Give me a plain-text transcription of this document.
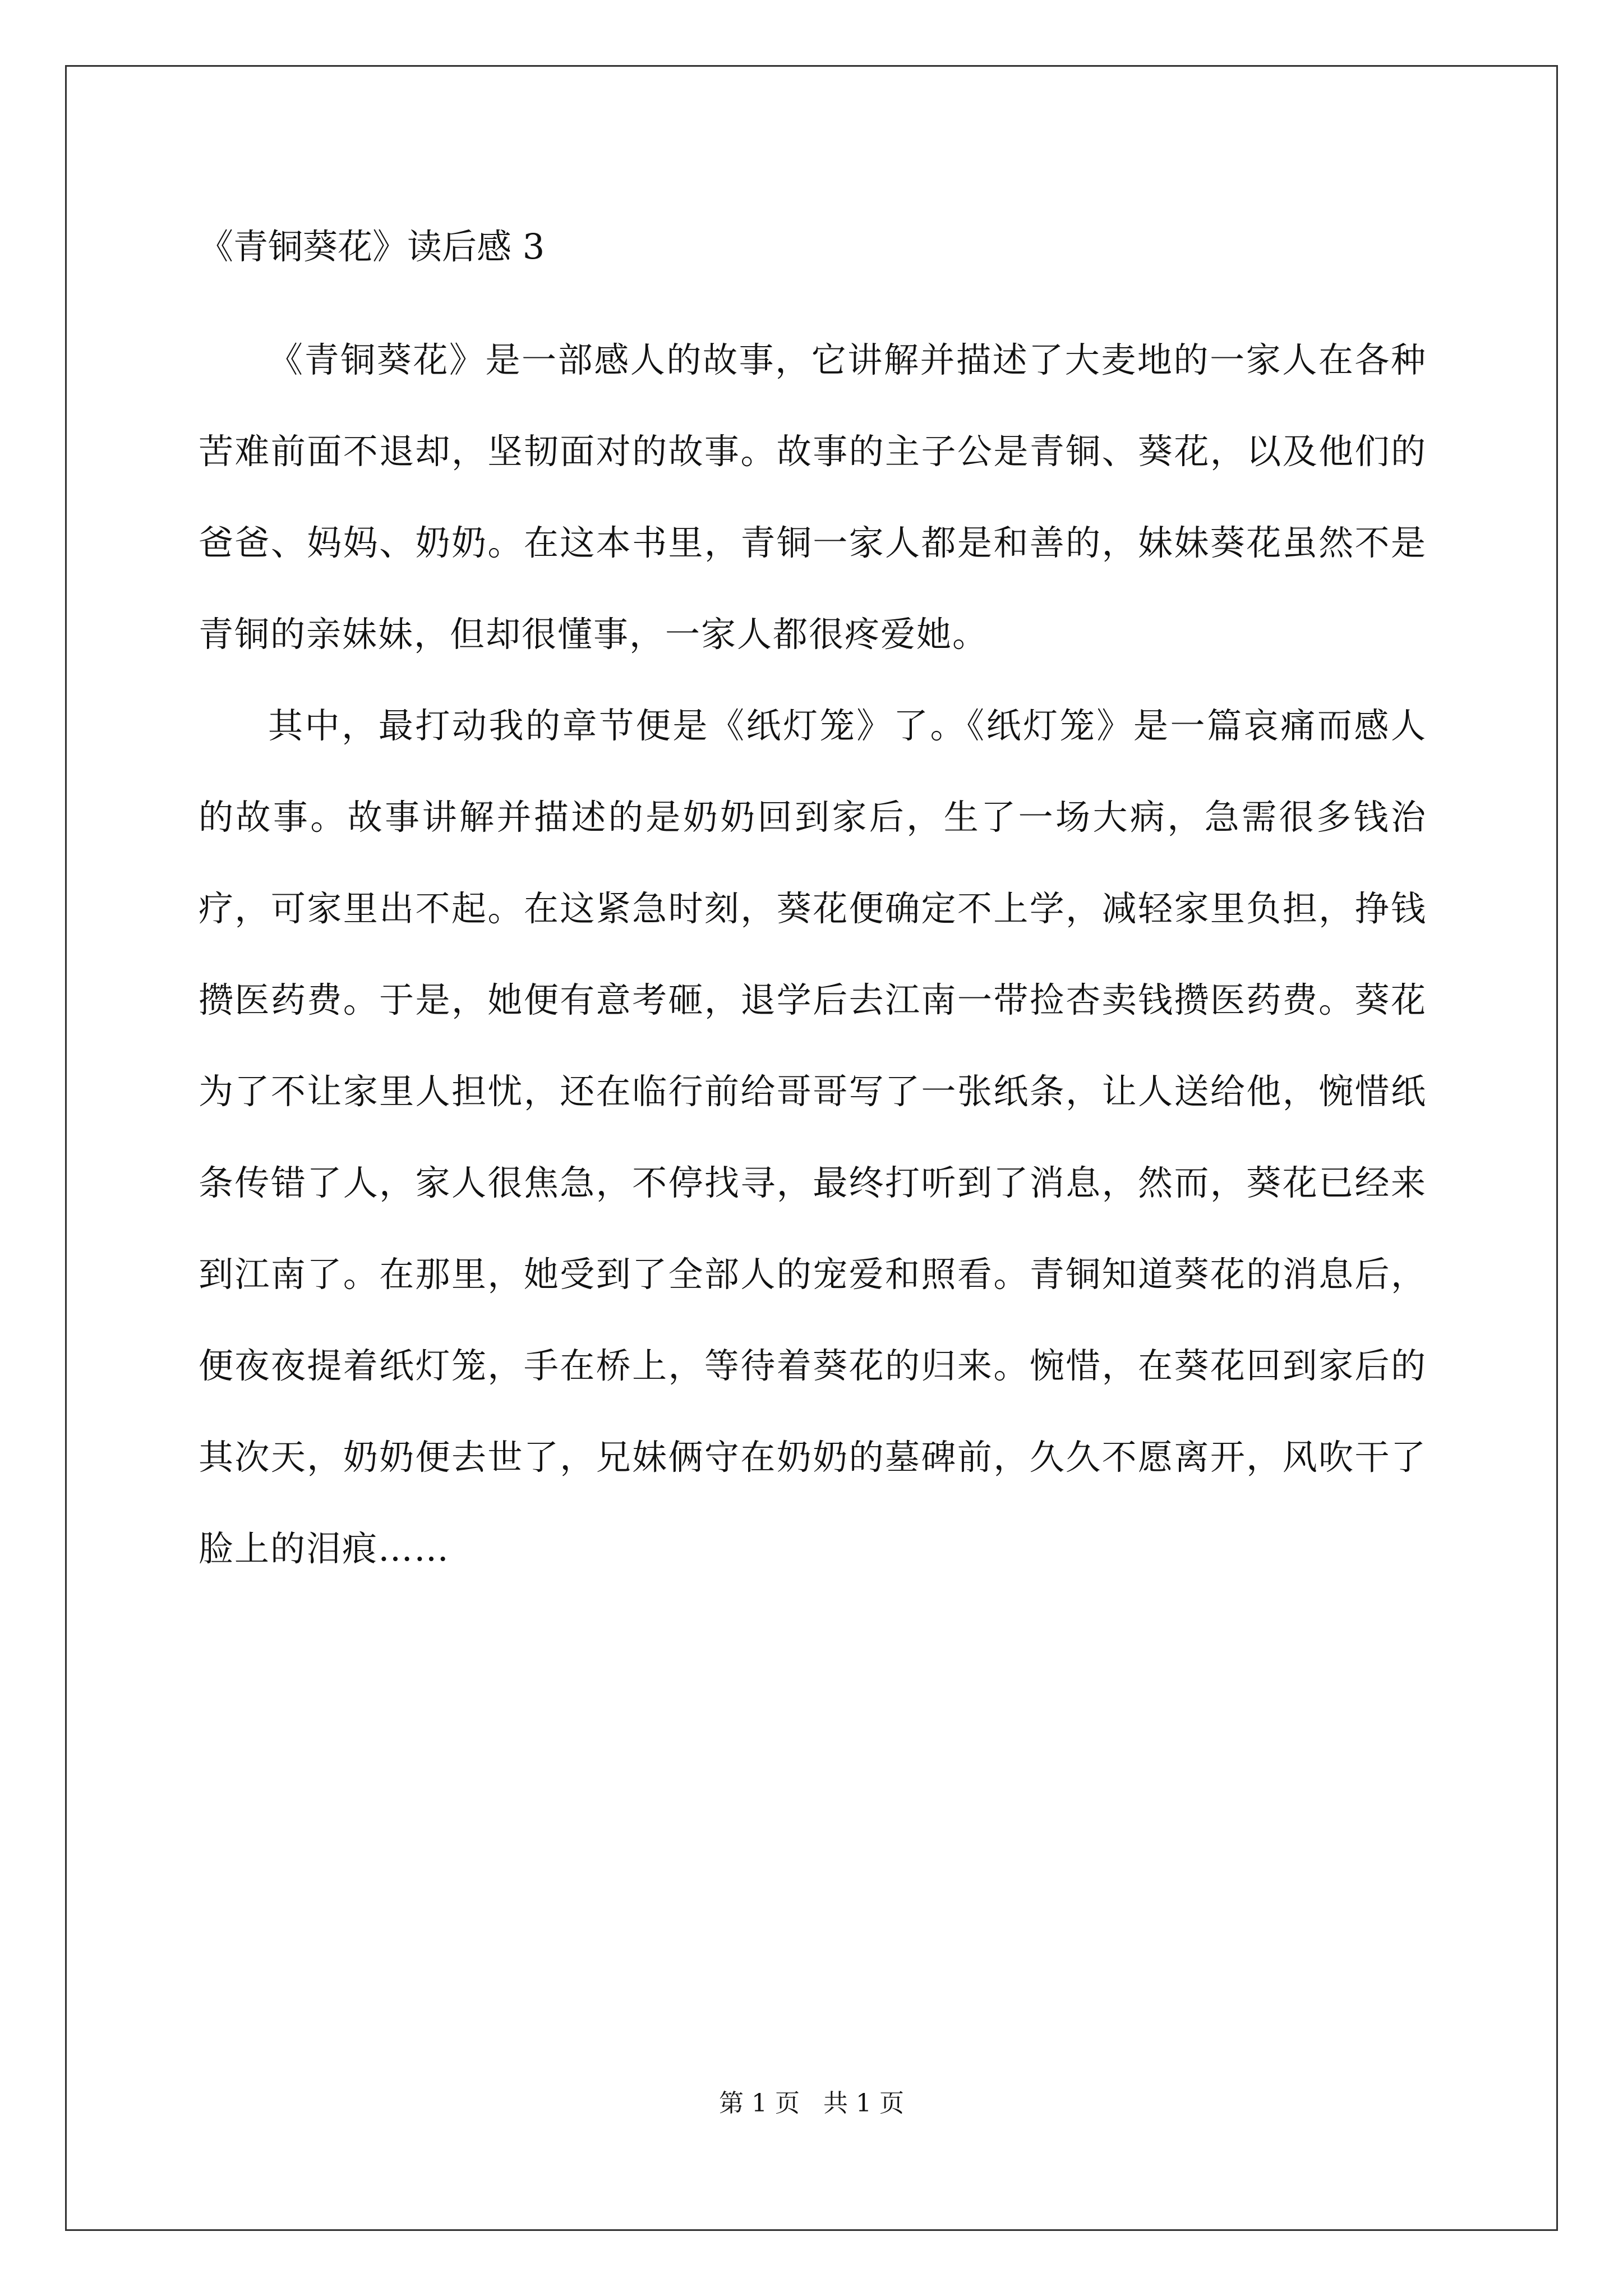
《青铜葵花》读后感 3

《青铜葵花》是一部感人的故事，它讲解并描述了大麦地的一家人在各种苦难前面不退却，坚韧面对的故事。故事的主子公是青铜、葵花，以及他们的爸爸、妈妈、奶奶。在这本书里，青铜一家人都是和善的，妹妹葵花虽然不是青铜的亲妹妹，但却很懂事，一家人都很疼爱她。

其中，最打动我的章节便是《纸灯笼》了。《纸灯笼》是一篇哀痛而感人的故事。故事讲解并描述的是奶奶回到家后，生了一场大病，急需很多钱治疗，可家里出不起。在这紧急时刻，葵花便确定不上学，减轻家里负担，挣钱攒医药费。于是，她便有意考砸，退学后去江南一带捡杏卖钱攒医药费。葵花为了不让家里人担忧，还在临行前给哥哥写了一张纸条，让人送给他，惋惜纸条传错了人，家人很焦急，不停找寻，最终打听到了消息，然而，葵花已经来到江南了。在那里，她受到了全部人的宠爱和照看。青铜知道葵花的消息后，便夜夜提着纸灯笼，手在桥上，等待着葵花的归来。惋惜，在葵花回到家后的其次天，奶奶便去世了，兄妹俩守在奶奶的墓碑前，久久不愿离开，风吹干了脸上的泪痕……

第 1 页   共 1 页
